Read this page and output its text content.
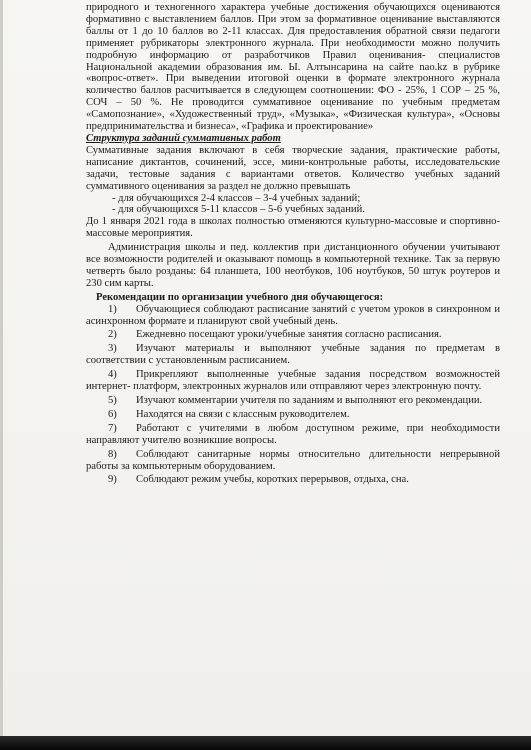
природного и техногенного характера учебные достижения обучающихся оцениваются формативно с выставлением баллов. При этом за формативное оценивание выставляются баллы от 1 до 10 баллов во 2-11 классах. Для предоставления обратной связи педагоги применяет рубрикаторы электронного журнала. При необходимости можно получить подробную информацию от разработчиков Правил оценивания- специалистов Национальной академии образования им. Ы. Алтынсарина на сайте nao.kz в рубрике «вопрос-ответ». При выведении итоговой оценки в формате электронного журнала количество баллов расчитывается в следующем соотношении: ФО - 25%, 1 СОР – 25 %, СОЧ – 50 %. Не проводится суммативное оценивание по учебным предметам «Самопознание», «Художественный труд», «Музыка», «Физическая культура», «Основы предпринимательства и бизнеса», «Графика и проектирование»

Структура заданий суммативных работ

Суммативные задания включают в себя творческие задания, практические работы, написание диктантов, сочинений, эссе, мини-контрольные работы, исследовательские задачи, тестовые задания с вариантами ответов. Количество учебных заданий суммативного оценивания за раздел не должно превышать

- для обучающихся 2-4 классов – 3-4 учебных заданий;
- для обучающихся 5-11 классов – 5-6 учебных заданий.

До 1 января 2021 года в школах полностью отменяются культурно-массовые и спортивно-массовые мероприятия.

Администрация школы и пед. коллектив при дистанционного обучении учитывают все возможности родителей и оказывают помощь в компьютерной технике. Так за первую четверть было розданы: 64 планшета, 100 неотбуков, 106 ноутбуков, 50 штук роутеров и 230 сим карты.

Рекомендации по организации учебного дня обучающегося:

1) Обучающиеся соблюдают расписание занятий с учетом уроков в синхронном и асинхронном формате и планируют свой учебный день.

2) Ежедневно посещают уроки/учебные занятия согласно расписания.

3) Изучают материалы и выполняют учебные задания по предметам в соответствии с установленным расписанием.

4) Прикрепляют выполненные учебные задания посредством возможностей интернет- платформ, электронных журналов или отправляют через электронную почту.

5) Изучают комментарии учителя по заданиям и выполняют его рекомендации.

6) Находятся на связи с классным руководителем.

7) Работают с учителями в любом доступном режиме, при необходимости направляют учителю возникшие вопросы.

8) Соблюдают санитарные нормы относительно длительности непрерывной работы за компьютерным оборудованием.

9) Соблюдают режим учебы, коротких перерывов, отдыха, сна.
